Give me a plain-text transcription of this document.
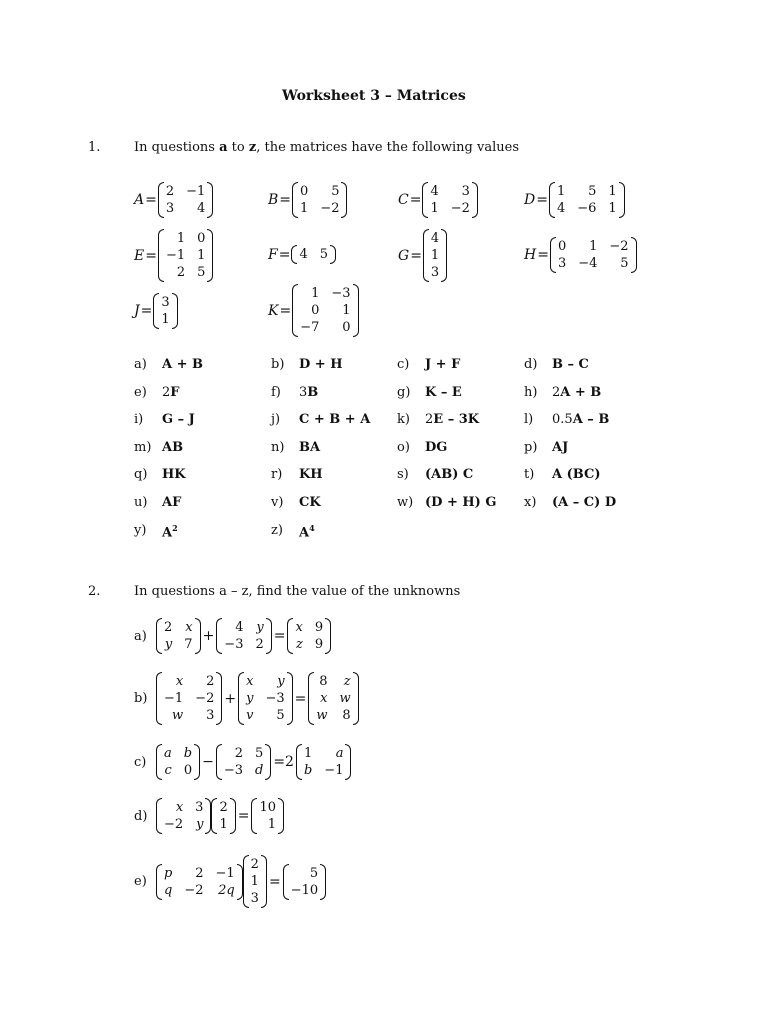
Worksheet 3 – Matrices
1.	In questions a to z, the matrices have the following values
A =
2 −1
3	4
B =
0	5
1 −2
C =
4	3
1 −2
D =
1	5 1
4 −6 1
E =
1 0
−1 1
2 5
F = 4 5	G =
4
1
3
H =
0	1 −2
3 −4	5
J =
3
1
K =
1 −3
0	1
−7	0
a)	A + B	b)	D + H	c)	J + F	d)	B – C
e)	2F	f)	3B	g)	K – E	h)	2A + B
i)	G – J	j)	C + B + A k)	2E – 3K	l)	0.5A – B
m) AB	n)	BA	o)	DG	p)	AJ
q)	HK	r)	KH	s)	(AB) C	t)	A (BC)
u)	AF	v)	CK	w) (D + H) G x)	(A – C) D
y)	$A^2$	z)	$A^4$
2.	In questions a – z, find the value of the unknowns
a)
2 x
y 7
+
4 y
−3 2
=
x 9
z 9
b)
x	2
−1 −2
w	3
+
x	y
y −3
v	5
=
8	z
x w
w 8
c)
a b
c 0
−
2 5
−3 d
=2
1	a
b −1
d)
x 3
−2 y
2
1
=
10
1
e)
p	2 −1
q −2 2q
2
1
3
=
5
−10
